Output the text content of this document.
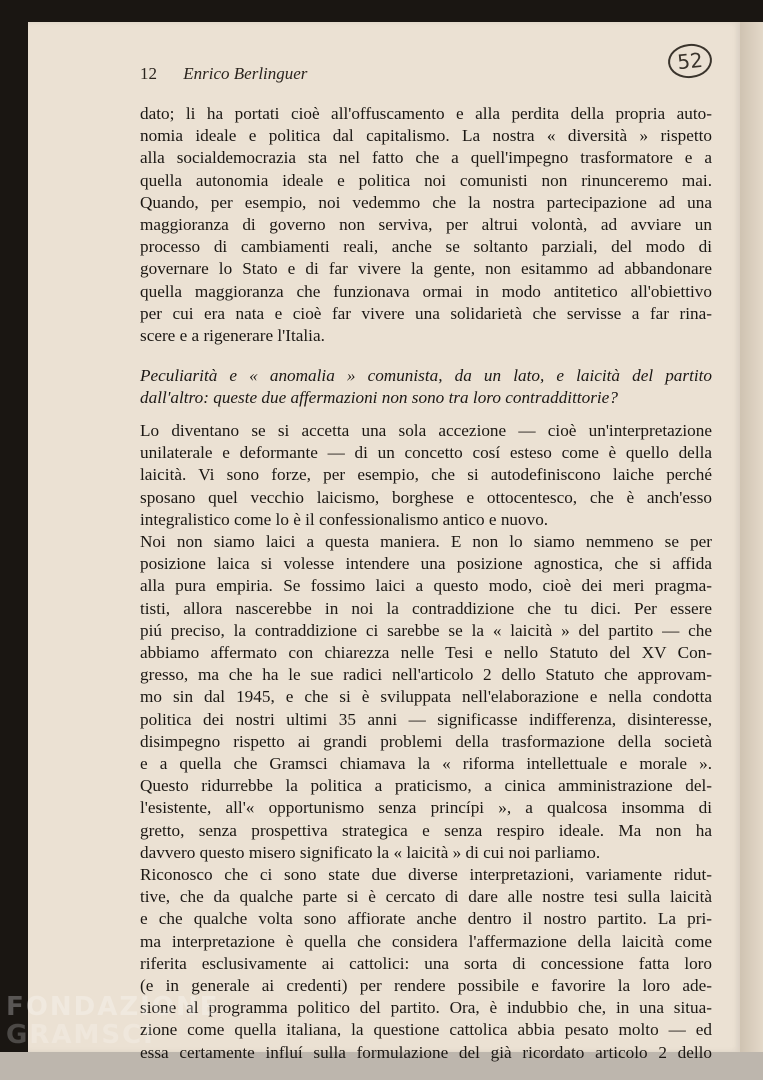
12 Enrico Berlinguer	52
dato; li ha portati cioè all'offuscamento e alla perdita della propria auto-
nomia ideale e politica dal capitalismo. La nostra « diversità » rispetto
alla socialdemocrazia sta nel fatto che a quell'impegno trasformatore e a
quella autonomia ideale e politica noi comunisti non rinunceremo mai.
Quando, per esempio, noi vedemmo che la nostra partecipazione ad una
maggioranza di governo non serviva, per altrui volontà, ad avviare un
processo di cambiamenti reali, anche se soltanto parziali, del modo di
governare lo Stato e di far vivere la gente, non esitammo ad abbandonare
quella maggioranza che funzionava ormai in modo antitetico all'obiettivo
per cui era nata e cioè far vivere una solidarietà che servisse a far rina-
scere e a rigenerare l'Italia.
Peculiarità e « anomalia » comunista, da un lato, e laicità del partito
dall'altro: queste due affermazioni non sono tra loro contraddittorie?
Lo diventano se si accetta una sola accezione — cioè un'interpretazione
unilaterale e deformante — di un concetto cosí esteso come è quello della
laicità. Vi sono forze, per esempio, che si autodefiniscono laiche perché
sposano quel vecchio laicismo, borghese e ottocentesco, che è anch'esso
integralistico come lo è il confessionalismo antico e nuovo.
Noi non siamo laici a questa maniera. E non lo siamo nemmeno se per
posizione laica si volesse intendere una posizione agnostica, che si affida
alla pura empiria. Se fossimo laici a questo modo, cioè dei meri pragma-
tisti, allora nascerebbe in noi la contraddizione che tu dici. Per essere
piú preciso, la contraddizione ci sarebbe se la « laicità » del partito — che
abbiamo affermato con chiarezza nelle Tesi e nello Statuto del XV Con-
gresso, ma che ha le sue radici nell'articolo 2 dello Statuto che approvam-
mo sin dal 1945, e che si è sviluppata nell'elaborazione e nella condotta
politica dei nostri ultimi 35 anni — significasse indifferenza, disinteresse,
disimpegno rispetto ai grandi problemi della trasformazione della società
e a quella che Gramsci chiamava la « riforma intellettuale e morale ».
Questo ridurrebbe la politica a praticismo, a cinica amministrazione del-
l'esistente, all'« opportunismo senza princípi », a qualcosa insomma di
gretto, senza prospettiva strategica e senza respiro ideale. Ma non ha
davvero questo misero significato la « laicità » di cui noi parliamo.
Riconosco che ci sono state due diverse interpretazioni, variamente ridut-
tive, che da qualche parte si è cercato di dare alle nostre tesi sulla laicità
e che qualche volta sono affiorate anche dentro il nostro partito. La pri-
ma interpretazione è quella che considera l'affermazione della laicità come
riferita esclusivamente ai cattolici: una sorta di concessione fatta loro
(e in generale ai credenti) per rendere possibile e favorire la loro ade-
sione al programma politico del partito. Ora, è indubbio che, in una situa-
zione come quella italiana, la questione cattolica abbia pesato molto — ed
essa certamente influí sulla formulazione del già ricordato articolo 2 dello
FONDAZIONE
GRAMSCI
